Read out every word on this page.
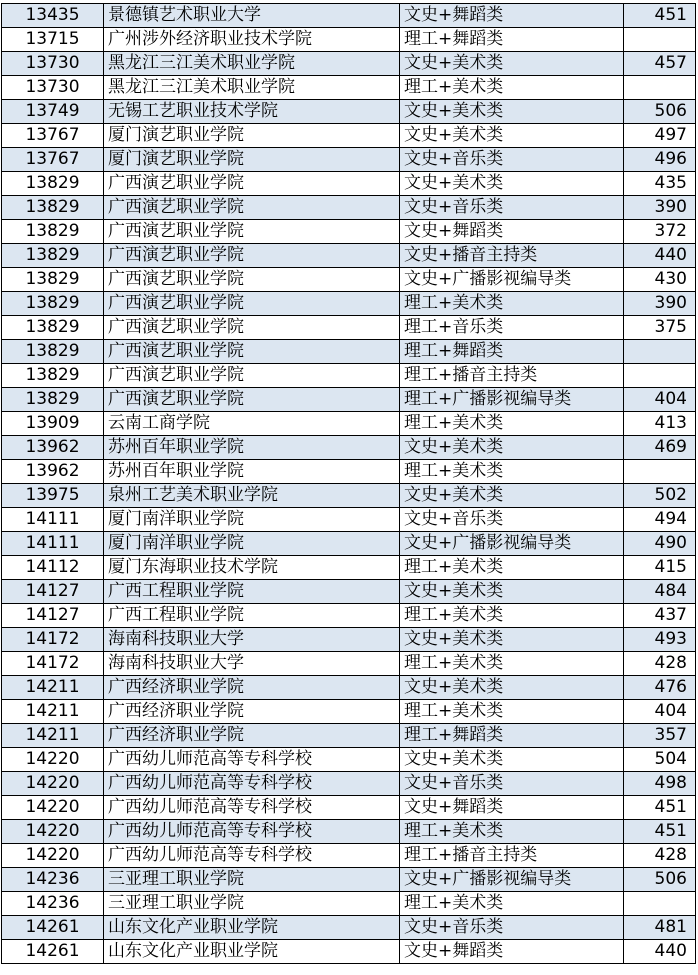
13435	景德镇艺术职业大学	文史+舞蹈类	451
13715	广州涉外经济职业技术学院	理工+舞蹈类	
13730	黑龙江三江美术职业学院	文史+美术类	457
13730	黑龙江三江美术职业学院	理工+美术类	
13749	无锡工艺职业技术学院	文史+美术类	506
13767	厦门演艺职业学院	文史+美术类	497
13767	厦门演艺职业学院	文史+音乐类	496
13829	广西演艺职业学院	文史+美术类	435
13829	广西演艺职业学院	文史+音乐类	390
13829	广西演艺职业学院	文史+舞蹈类	372
13829	广西演艺职业学院	文史+播音主持类	440
13829	广西演艺职业学院	文史+广播影视编导类	430
13829	广西演艺职业学院	理工+美术类	390
13829	广西演艺职业学院	理工+音乐类	375
13829	广西演艺职业学院	理工+舞蹈类	
13829	广西演艺职业学院	理工+播音主持类	
13829	广西演艺职业学院	理工+广播影视编导类	404
13909	云南工商学院	理工+美术类	413
13962	苏州百年职业学院	文史+美术类	469
13962	苏州百年职业学院	理工+美术类	
13975	泉州工艺美术职业学院	文史+美术类	502
14111	厦门南洋职业学院	文史+音乐类	494
14111	厦门南洋职业学院	文史+广播影视编导类	490
14112	厦门东海职业技术学院	理工+美术类	415
14127	广西工程职业学院	文史+美术类	484
14127	广西工程职业学院	理工+美术类	437
14172	海南科技职业大学	文史+美术类	493
14172	海南科技职业大学	理工+美术类	428
14211	广西经济职业学院	文史+美术类	476
14211	广西经济职业学院	理工+美术类	404
14211	广西经济职业学院	理工+舞蹈类	357
14220	广西幼儿师范高等专科学校	文史+美术类	504
14220	广西幼儿师范高等专科学校	文史+音乐类	498
14220	广西幼儿师范高等专科学校	文史+舞蹈类	451
14220	广西幼儿师范高等专科学校	理工+美术类	451
14220	广西幼儿师范高等专科学校	理工+播音主持类	428
14236	三亚理工职业学院	文史+广播影视编导类	506
14236	三亚理工职业学院	理工+美术类	
14261	山东文化产业职业学院	文史+音乐类	481
14261	山东文化产业职业学院	文史+舞蹈类	440
